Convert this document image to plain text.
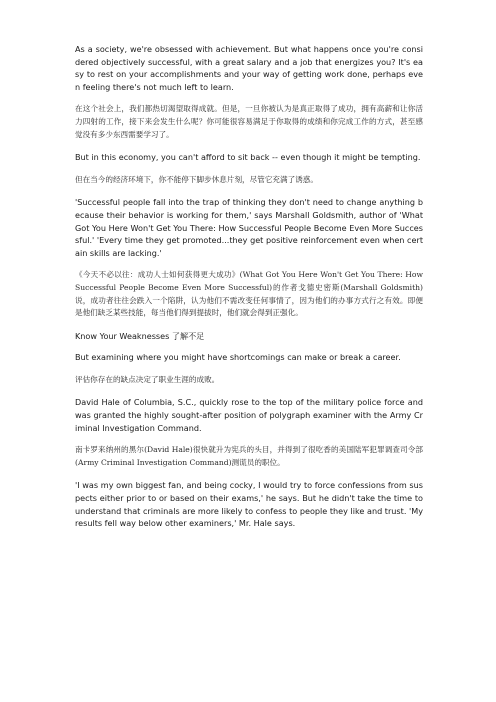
As a society, we're obsessed with achievement. But what happens once you're considered objectively successful, with a great salary and a job that energizes you? It's easy to rest on your accomplishments and your way of getting work done, perhaps even feeling there's not much left to learn.

在这个社会上，我们都热切渴望取得成就。但是，一旦你被认为是真正取得了成功，拥有高薪和让你活力四射的工作，接下来会发生什么呢？你可能很容易满足于你取得的成绩和你完成工作的方式，甚至感觉没有多少东西需要学习了。

But in this economy, you can't afford to sit back -- even though it might be tempting.

但在当今的经济环境下，你不能停下脚步休息片刻，尽管它充满了诱惑。

'Successful people fall into the trap of thinking they don't need to change anything because their behavior is working for them,' says Marshall Goldsmith, author of 'What Got You Here Won't Get You There: How Successful People Become Even More Successful.' 'Every time they get promoted...they get positive reinforcement even when certain skills are lacking.'

《今天不必以往：成功人士如何获得更大成功》(What Got You Here Won't Get You There: How Successful People Become Even More Successful)的作者戈德史密斯(Marshall Goldsmith)说，成功者往往会跌入一个陷阱，认为他们不需改变任何事情了，因为他们的办事方式行之有效。即便是他们缺乏某些技能，每当他们得到提拔时，他们就会得到正强化。

Know Your Weaknesses 了解不足

But examining where you might have shortcomings can make or break a career.

评估你存在的缺点决定了职业生涯的成败。

David Hale of Columbia, S.C., quickly rose to the top of the military police force and was granted the highly sought-after position of polygraph examiner with the Army Criminal Investigation Command.

南卡罗来纳州的黑尔(David Hale)很快就升为宪兵的头目，并得到了很吃香的美国陆军犯罪调查司令部(Army Criminal Investigation Command)测谎员的职位。

'I was my own biggest fan, and being cocky, I would try to force confessions from suspects either prior to or based on their exams,' he says. But he didn't take the time to understand that criminals are more likely to confess to people they like and trust. 'My results fell way below other examiners,' Mr. Hale says.
